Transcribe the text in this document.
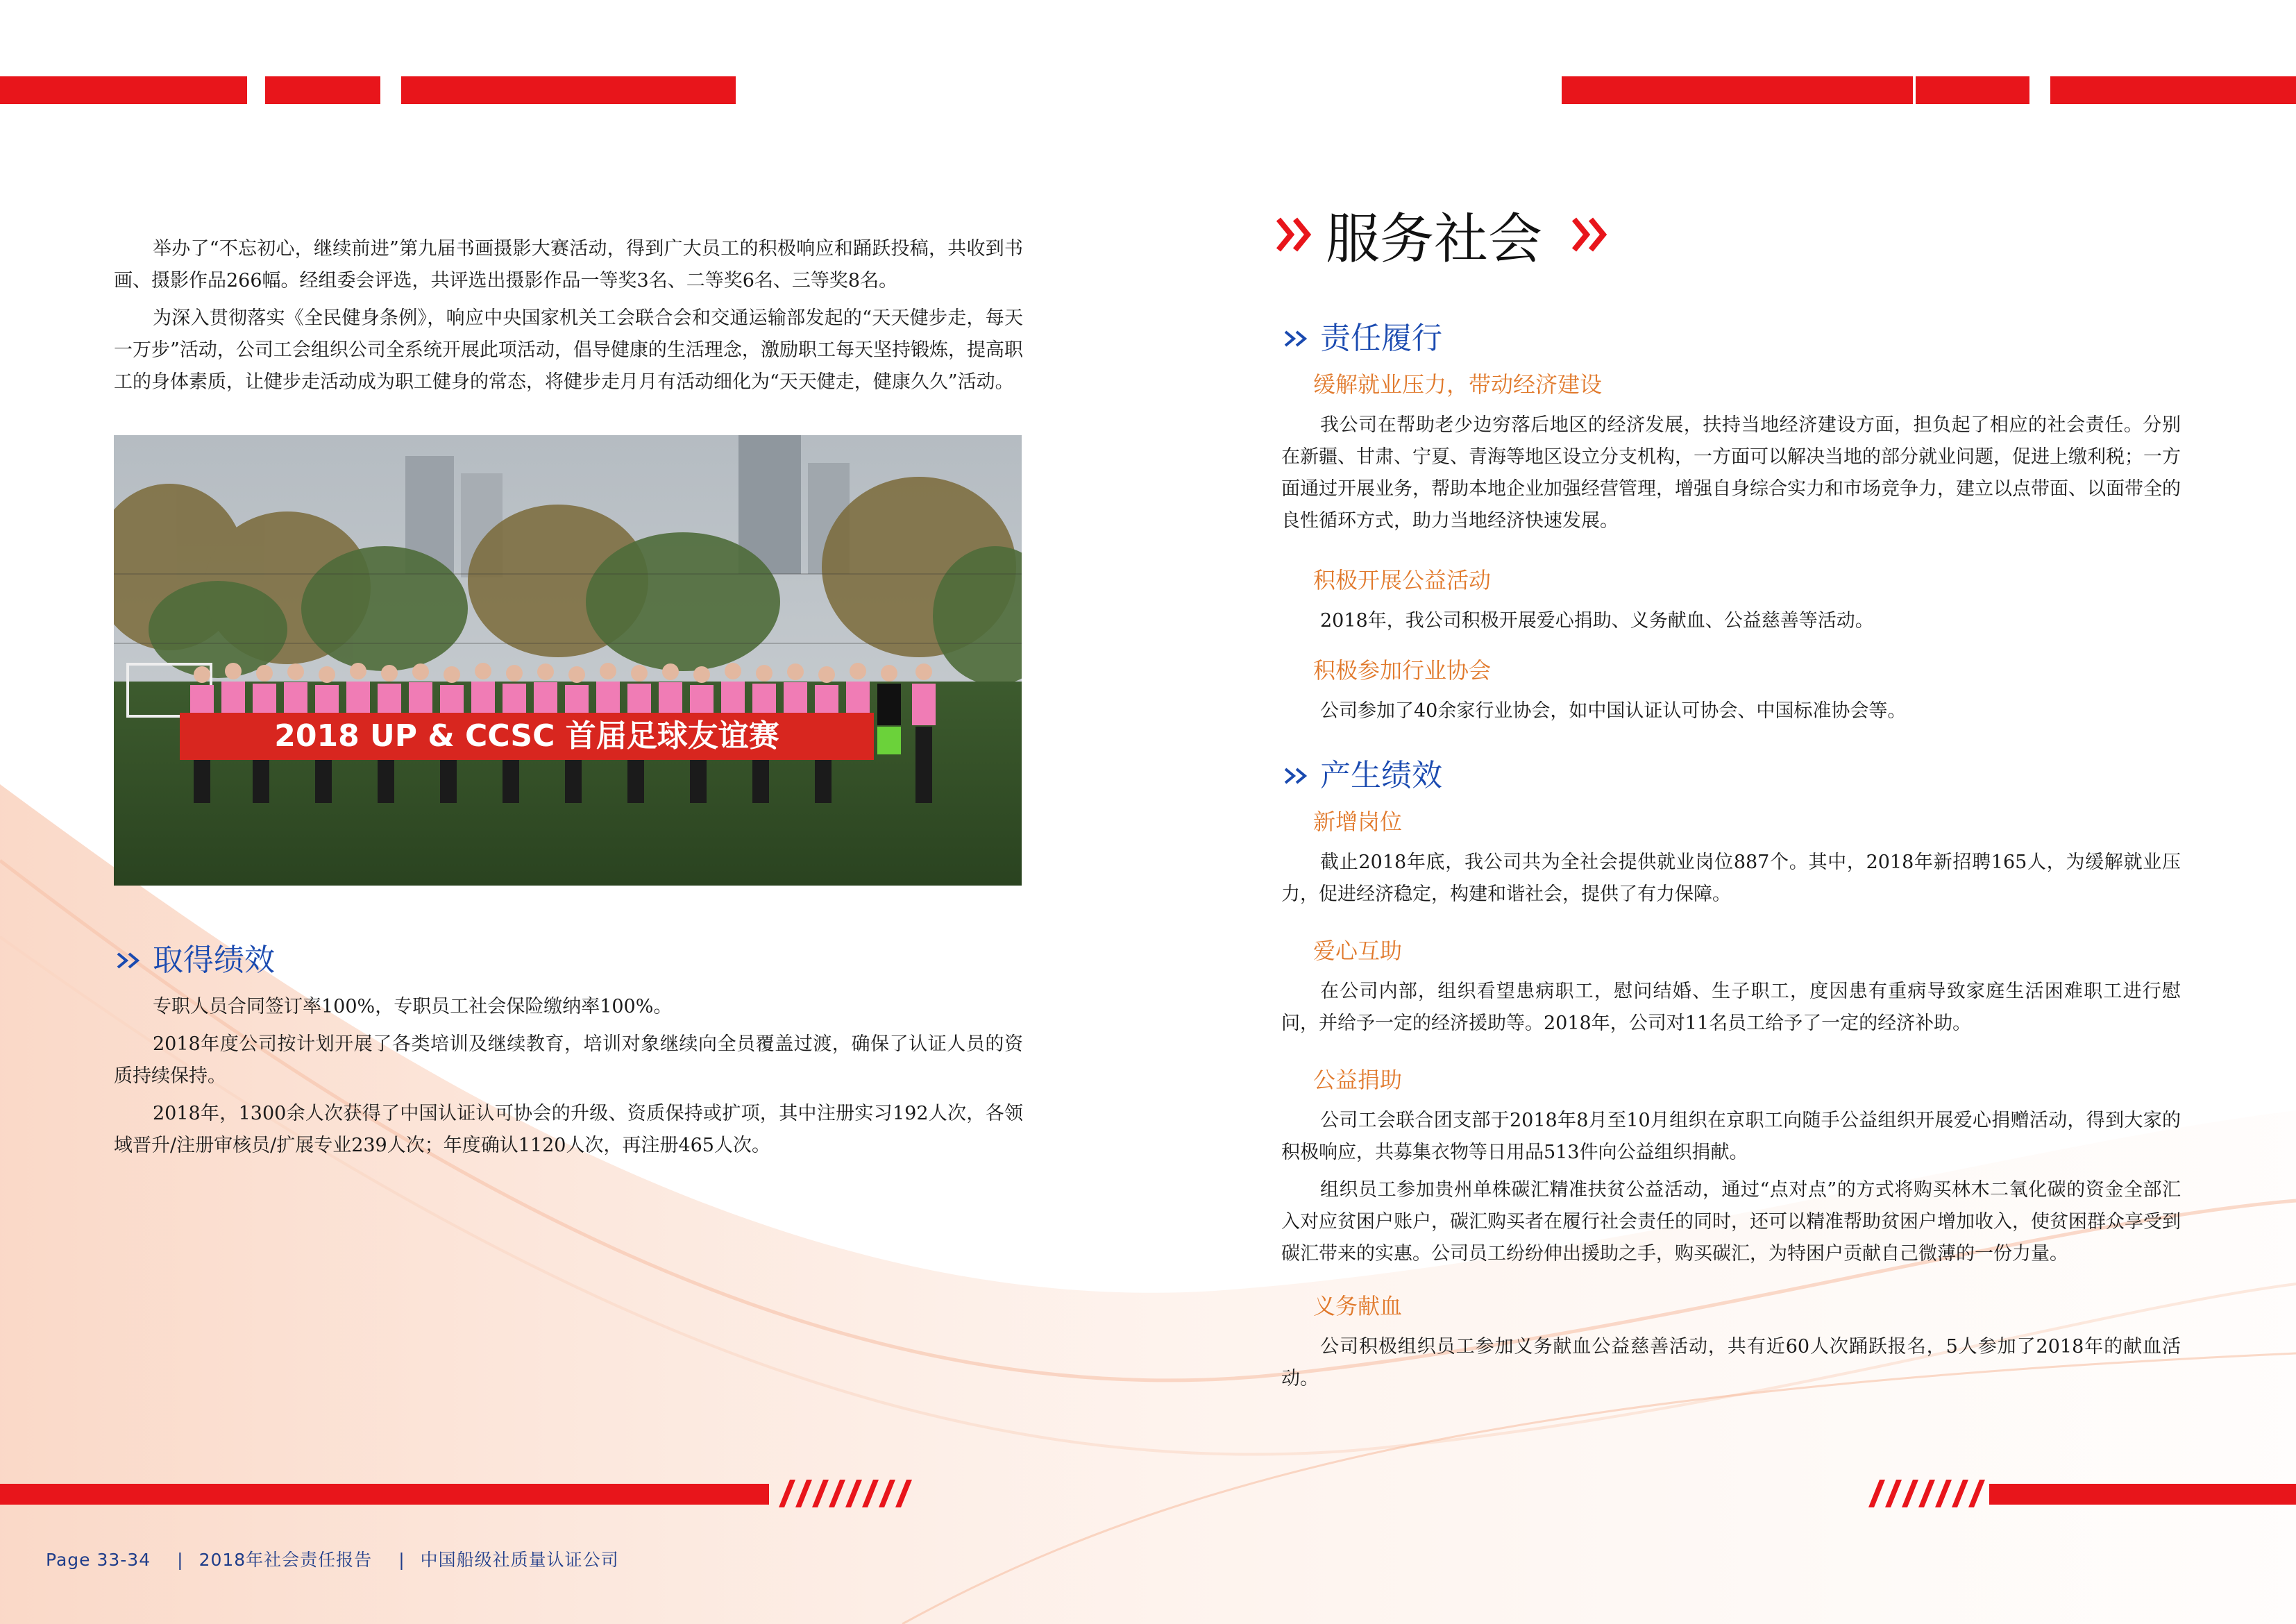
举办了“不忘初心，继续前进”第九届书画摄影大赛活动，得到广大员工的积极响应和踊跃投稿，共收到书画、摄影作品266幅。经组委会评选，共评选出摄影作品一等奖3名、二等奖6名、三等奖8名。

为深入贯彻落实《全民健身条例》，响应中央国家机关工会联合会和交通运输部发起的“天天健步走，每天一万步”活动，公司工会组织公司全系统开展此项活动，倡导健康的生活理念，激励职工每天坚持锻炼，提高职工的身体素质，让健步走活动成为职工健身的常态，将健步走月月有活动细化为“天天健走，健康久久”活动。

2018 UP & CCSC 首届足球友谊赛
取得绩效

专职人员合同签订率100%，专职员工社会保险缴纳率100%。

2018年度公司按计划开展了各类培训及继续教育，培训对象继续向全员覆盖过渡，确保了认证人员的资质持续保持。

2018年，1300余人次获得了中国认证认可协会的升级、资质保持或扩项，其中注册实习192人次，各领域晋升/注册审核员/扩展专业239人次；年度确认1120人次，再注册465人次。

服务社会
责任履行
缓解就业压力，带动经济建设

我公司在帮助老少边穷落后地区的经济发展，扶持当地经济建设方面，担负起了相应的社会责任。分别在新疆、甘肃、宁夏、青海等地区设立分支机构，一方面可以解决当地的部分就业问题，促进上缴利税；一方面通过开展业务，帮助本地企业加强经营管理，增强自身综合实力和市场竞争力，建立以点带面、以面带全的良性循环方式，助力当地经济快速发展。

积极开展公益活动

2018年，我公司积极开展爱心捐助、义务献血、公益慈善等活动。

积极参加行业协会

公司参加了40余家行业协会，如中国认证认可协会、中国标准协会等。

产生绩效
新增岗位

截止2018年底，我公司共为全社会提供就业岗位887个。其中，2018年新招聘165人，为缓解就业压力，促进经济稳定，构建和谐社会，提供了有力保障。

爱心互助

在公司内部，组织看望患病职工，慰问结婚、生子职工，度因患有重病导致家庭生活困难职工进行慰问，并给予一定的经济援助等。2018年，公司对11名员工给予了一定的经济补助。

公益捐助

公司工会联合团支部于2018年8月至10月组织在京职工向随手公益组织开展爱心捐赠活动，得到大家的积极响应，共募集衣物等日用品513件向公益组织捐献。

组织员工参加贵州单株碳汇精准扶贫公益活动，通过“点对点”的方式将购买林木二氧化碳的资金全部汇入对应贫困户账户，碳汇购买者在履行社会责任的同时，还可以精准帮助贫困户增加收入，使贫困群众享受到碳汇带来的实惠。公司员工纷纷伸出援助之手，购买碳汇，为特困户贡献自己微薄的一份力量。

义务献血

公司积极组织员工参加义务献血公益慈善活动，共有近60人次踊跃报名，5人参加了2018年的献血活动。

Page 33-34 | 2018年社会责任报告 | 中国船级社质量认证公司
